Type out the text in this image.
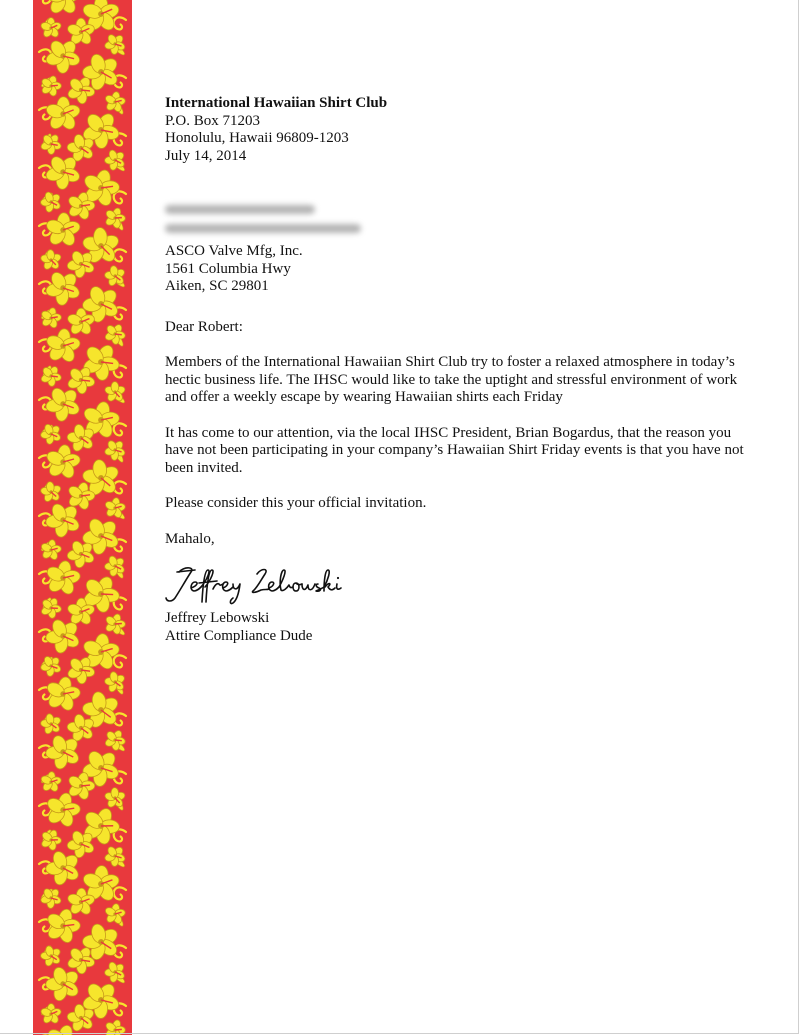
International Hawaiian Shirt Club
P.O. Box 71203
Honolulu, Hawaii 96809-1203
July 14, 2014
ASCO Valve Mfg, Inc.
1561 Columbia Hwy
Aiken, SC 29801
Dear Robert:
Members of the International Hawaiian Shirt Club try to foster a relaxed atmosphere in today’s hectic business life. The IHSC would like to take the uptight and stressful environment of work and offer a weekly escape by wearing Hawaiian shirts each Friday
It has come to our attention, via the local IHSC President, Brian Bogardus, that the reason you have not been participating in your company’s Hawaiian Shirt Friday events is that you have not been invited.
Please consider this your official invitation.
Mahalo,
Jeffrey Lebowski
Attire Compliance Dude
